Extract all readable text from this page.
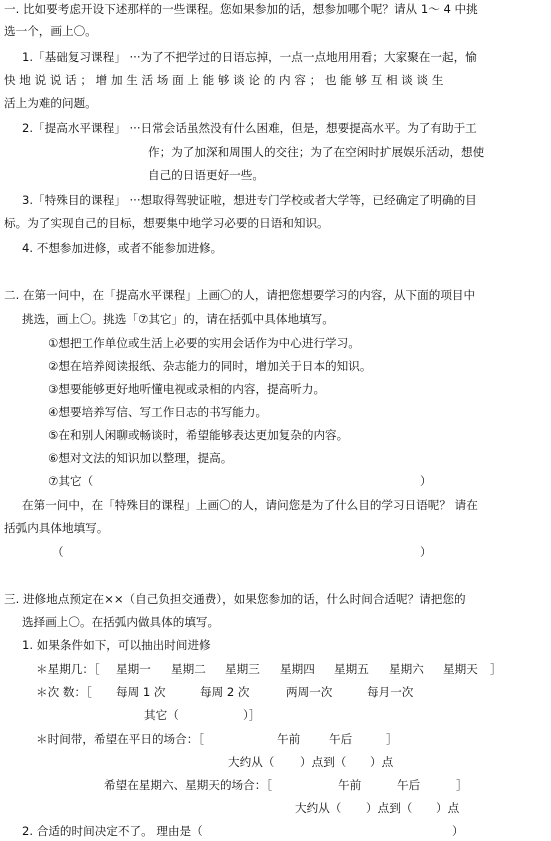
一. 比如要考虑开设下述那样的一些课程。您如果参加的话，想参加哪个呢？请从 1～ 4 中挑
选一个，画上〇。
1.「基础复习课程」 ···为了不把学过的日语忘掉，一点一点地用用看；大家聚在一起，愉
快 地 说 说 话 ； 增 加 生 活 场 面 上 能 够 谈 论 的 内 容 ； 也 能 够 互 相 谈 谈 生
活上为难的问题。
2.「提高水平课程」 ···日常会话虽然没有什么困难，但是，想要提高水平。为了有助于工
作；为了加深和周围人的交往；为了在空闲时扩展娱乐活动，想使
自己的日语更好一些。
3.「特殊目的课程」 ···想取得驾驶证啦，想进专门学校或者大学等，已经确定了明确的目
标。为了实现自己的目标，想要集中地学习必要的日语和知识。
4. 不想参加进修，或者不能参加进修。
二. 在第一问中，在「提高水平课程」上画〇的人，请把您想要学习的内容，从下面的项目中
挑选，画上〇。挑选「⑦其它」的，请在括弧中具体地填写。
①想把工作单位或生活上必要的实用会话作为中心进行学习。
②想在培养阅读报纸、杂志能力的同时，增加关于日本的知识。
③想要能够更好地听懂电视或录相的内容，提高听力。
④想要培养写信、写工作日志的书写能力。
⑤在和别人闲聊或畅谈时，希望能够表达更加复杂的内容。
⑥想对文法的知识加以整理，提高。
⑦其它（	）
在第一问中，在「特殊目的课程」上画〇的人，请问您是为了什么目的学习日语呢？ 请在
括弧内具体地填写。
（	）
三. 进修地点预定在××（自己负担交通费），如果您参加的话，什么时间合适呢？请把您的
选择画上〇。在括弧内做具体的填写。
1. 如果条件如下，可以抽出时间进修
＊星期几：［ 星期一 星期二 星期三 星期四 星期五 星期六 星期天 ］
＊次 数：［ 每周 1 次	每周 2 次	两周一次	每月一次
其它（	）］
＊时间带，希望在平日的场合：［	午前 午后	］
大约从（ ）点到（ ）点
希望在星期六、星期天的场合：［	午前	午后	］
大约从（ ）点到（ ）点
2. 合适的时间决定不了。 理由是（	）
